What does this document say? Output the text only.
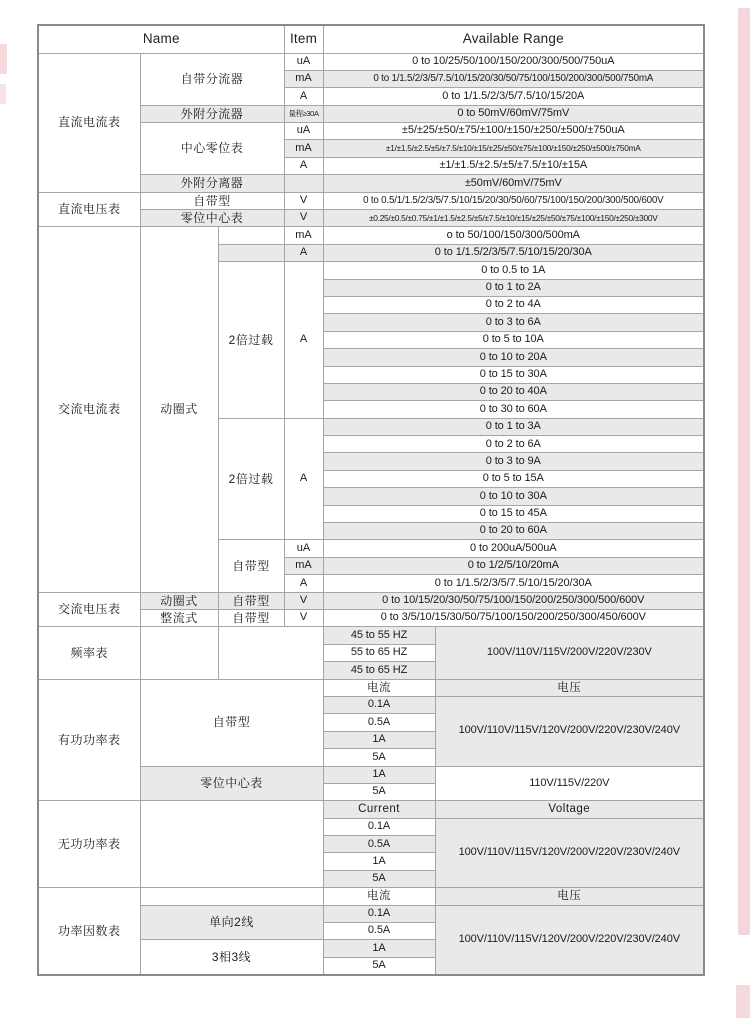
Name			Item	Available Range	
直流电流表	自带分流器		uA	0 to 10/25/50/100/150/200/300/500/750uA	
			mA	0 to 1/1.5/2/3/5/7.5/10/15/20/30/50/75/100/150/200/300/500/750mA	
			A	0 to 1/1.5/2/3/5/7.5/10/15/20A	
	外附分流器		量程≥30A	0 to 50mV/60mV/75mV	
	中心零位表		uA	±5/±25/±50/±75/±100/±150/±250/±500/±750uA	
			mA	±1/±1.5/±2.5/±5/±7.5/±10/±15/±25/±50/±75/±100/±150/±250/±500/±750mA	
			A	±1/±1.5/±2.5/±5/±7.5/±10/±15A	
	外附分离器			±50mV/60mV/75mV	
直流电压表	自带型		V	0 to 0.5/1/1.5/2/3/5/7.5/10/15/20/30/50/60/75/100/150/200/300/500/600V	
	零位中心表		V	±0.25/±0.5/±0.75/±1/±1.5/±2.5/±5/±7.5/±10/±15/±25/±50/±75/±100/±150/±250/±300V	
交流电流表	动圈式		mA	o to 50/100/150/300/500mA	
			A	0 to 1/1.5/2/3/5/7.5/10/15/20/30A	
		2倍过载	A	0 to 0.5 to 1A	
				0 to 1 to 2A	
				0 to 2 to 4A	
				0 to 3 to 6A	
				0 to 5 to 10A	
				0 to 10 to 20A	
				0 to 15 to 30A	
				0 to 20 to 40A	
				0 to 30 to 60A	
		2倍过载	A	0 to 1 to 3A	
				0 to 2 to 6A	
				0 to 3 to 9A	
				0 to 5 to 15A	
				0 to 10 to 30A	
				0 to 15 to 45A	
				0 to 20 to 60A	
		自带型	uA	0 to 200uA/500uA	
			mA	0 to 1/2/5/10/20mA	
			A	0 to 1/1.5/2/3/5/7.5/10/15/20/30A	
交流电压表	动圈式	自带型	V	0 to 10/15/20/30/50/75/100/150/200/250/300/500/600V	
	整流式	自带型	V	0 to 3/5/10/15/30/50/75/100/150/200/250/300/450/600V	
频率表				45 to 55 HZ	100V/110V/115V/200V/220V/230V
				55 to 65 HZ	
				45 to 65 HZ	
有功功率表	自带型			电流	电压
				0.1A	100V/110V/115V/120V/200V/220V/230V/240V
				0.5A	
				1A	
				5A	
	零位中心表			1A	110V/115V/220V
				5A	
无功功率表				Current	Voltage
				0.1A	100V/110V/115V/120V/200V/220V/230V/240V
				0.5A	
				1A	
				5A	
功率因数表				电流	电压
	单向2线			0.1A	100V/110V/115V/120V/200V/220V/230V/240V
				0.5A	
	3相3线			1A	
				5A	
